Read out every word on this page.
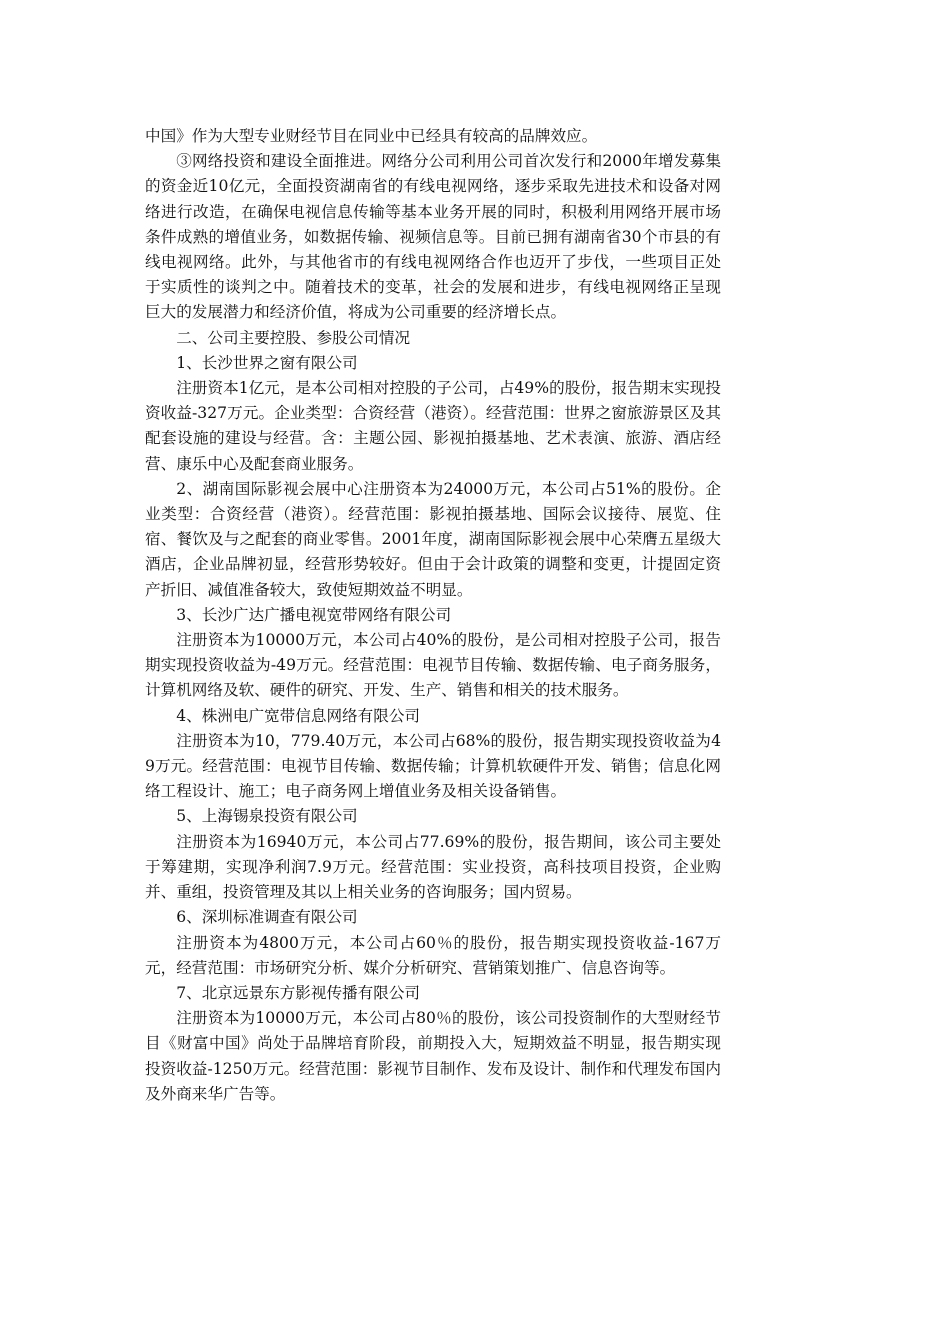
中国》作为大型专业财经节目在同业中已经具有较高的品牌效应。

③网络投资和建设全面推进。网络分公司利用公司首次发行和2000年增发募集的资金近10亿元，全面投资湖南省的有线电视网络，逐步采取先进技术和设备对网络进行改造，在确保电视信息传输等基本业务开展的同时，积极利用网络开展市场条件成熟的增值业务，如数据传输、视频信息等。目前已拥有湖南省30个市县的有线电视网络。此外，与其他省市的有线电视网络合作也迈开了步伐，一些项目正处于实质性的谈判之中。随着技术的变革，社会的发展和进步，有线电视网络正呈现巨大的发展潜力和经济价值，将成为公司重要的经济增长点。

二、公司主要控股、参股公司情况

1、长沙世界之窗有限公司

注册资本1亿元，是本公司相对控股的子公司，占49%的股份，报告期末实现投资收益-327万元。企业类型：合资经营（港资）。经营范围：世界之窗旅游景区及其配套设施的建设与经营。含：主题公园、影视拍摄基地、艺术表演、旅游、酒店经营、康乐中心及配套商业服务。

2、湖南国际影视会展中心注册资本为24000万元，本公司占51%的股份。企业类型：合资经营（港资）。经营范围：影视拍摄基地、国际会议接待、展览、住宿、餐饮及与之配套的商业零售。2001年度，湖南国际影视会展中心荣膺五星级大酒店，企业品牌初显，经营形势较好。但由于会计政策的调整和变更，计提固定资产折旧、减值准备较大，致使短期效益不明显。

3、长沙广达广播电视宽带网络有限公司

注册资本为10000万元，本公司占40%的股份，是公司相对控股子公司，报告期实现投资收益为-49万元。经营范围：电视节目传输、数据传输、电子商务服务，计算机网络及软、硬件的研究、开发、生产、销售和相关的技术服务。

4、株洲电广宽带信息网络有限公司

注册资本为10，779.40万元，本公司占68%的股份，报告期实现投资收益为49万元。经营范围：电视节目传输、数据传输；计算机软硬件开发、销售；信息化网络工程设计、施工；电子商务网上增值业务及相关设备销售。

5、上海锡泉投资有限公司

注册资本为16940万元，本公司占77.69%的股份，报告期间，该公司主要处于筹建期，实现净利润7.9万元。经营范围：实业投资，高科技项目投资，企业购并、重组，投资管理及其以上相关业务的咨询服务；国内贸易。

6、深圳标准调查有限公司

注册资本为4800万元，本公司占60％的股份，报告期实现投资收益-167万元，经营范围：市场研究分析、媒介分析研究、营销策划推广、信息咨询等。

7、北京远景东方影视传播有限公司

注册资本为10000万元，本公司占80％的股份，该公司投资制作的大型财经节目《财富中国》尚处于品牌培育阶段，前期投入大，短期效益不明显，报告期实现投资收益-1250万元。经营范围：影视节目制作、发布及设计、制作和代理发布国内及外商来华广告等。
